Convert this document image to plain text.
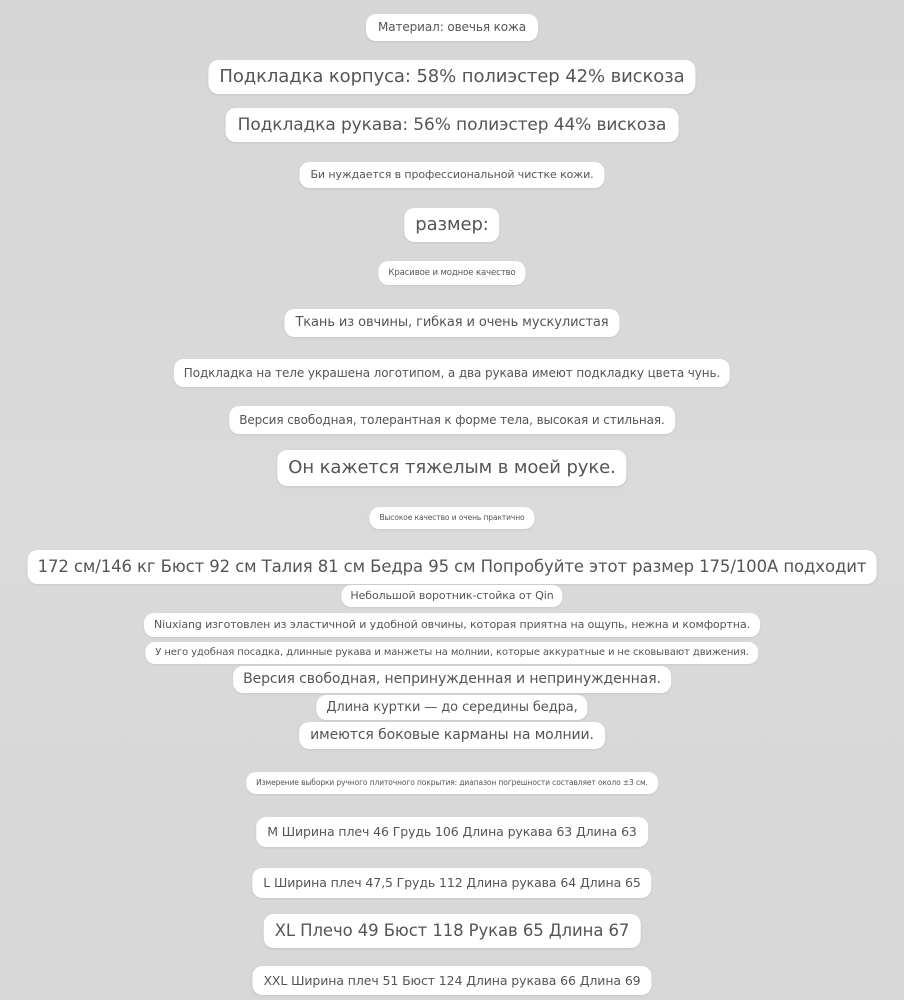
Материал: овечья кожа
Подкладка корпуса: 58% полиэстер 42% вискоза
Подкладка рукава: 56% полиэстер 44% вискоза
Би нуждается в профессиональной чистке кожи.
размер:
Красивое и модное качество
Ткань из овчины, гибкая и очень мускулистая
Подкладка на теле украшена логотипом, а два рукава имеют подкладку цвета чунь.
Версия свободная, толерантная к форме тела, высокая и стильная.
Он кажется тяжелым в моей руке.
Высокое качество и очень практично
172 см/146 кг Бюст 92 см Талия 81 см Бедра 95 см Попробуйте этот размер 175/100A подходит
Небольшой воротник-стойка от Qin
Niuxiang изготовлен из эластичной и удобной овчины, которая приятна на ощупь, нежна и комфортна.
У него удобная посадка, длинные рукава и манжеты на молнии, которые аккуратные и не сковывают движения.
Версия свободная, непринужденная и непринужденная.
Длина куртки — до середины бедра,
имеются боковые карманы на молнии.
Измерение выборки ручного плиточного покрытия: диапазон погрешности составляет около ±3 см.
M Ширина плеч 46 Грудь 106 Длина рукава 63 Длина 63
L Ширина плеч 47,5 Грудь 112 Длина рукава 64 Длина 65
XL Плечо 49 Бюст 118 Рукав 65 Длина 67
XXL Ширина плеч 51 Бюст 124 Длина рукава 66 Длина 69
